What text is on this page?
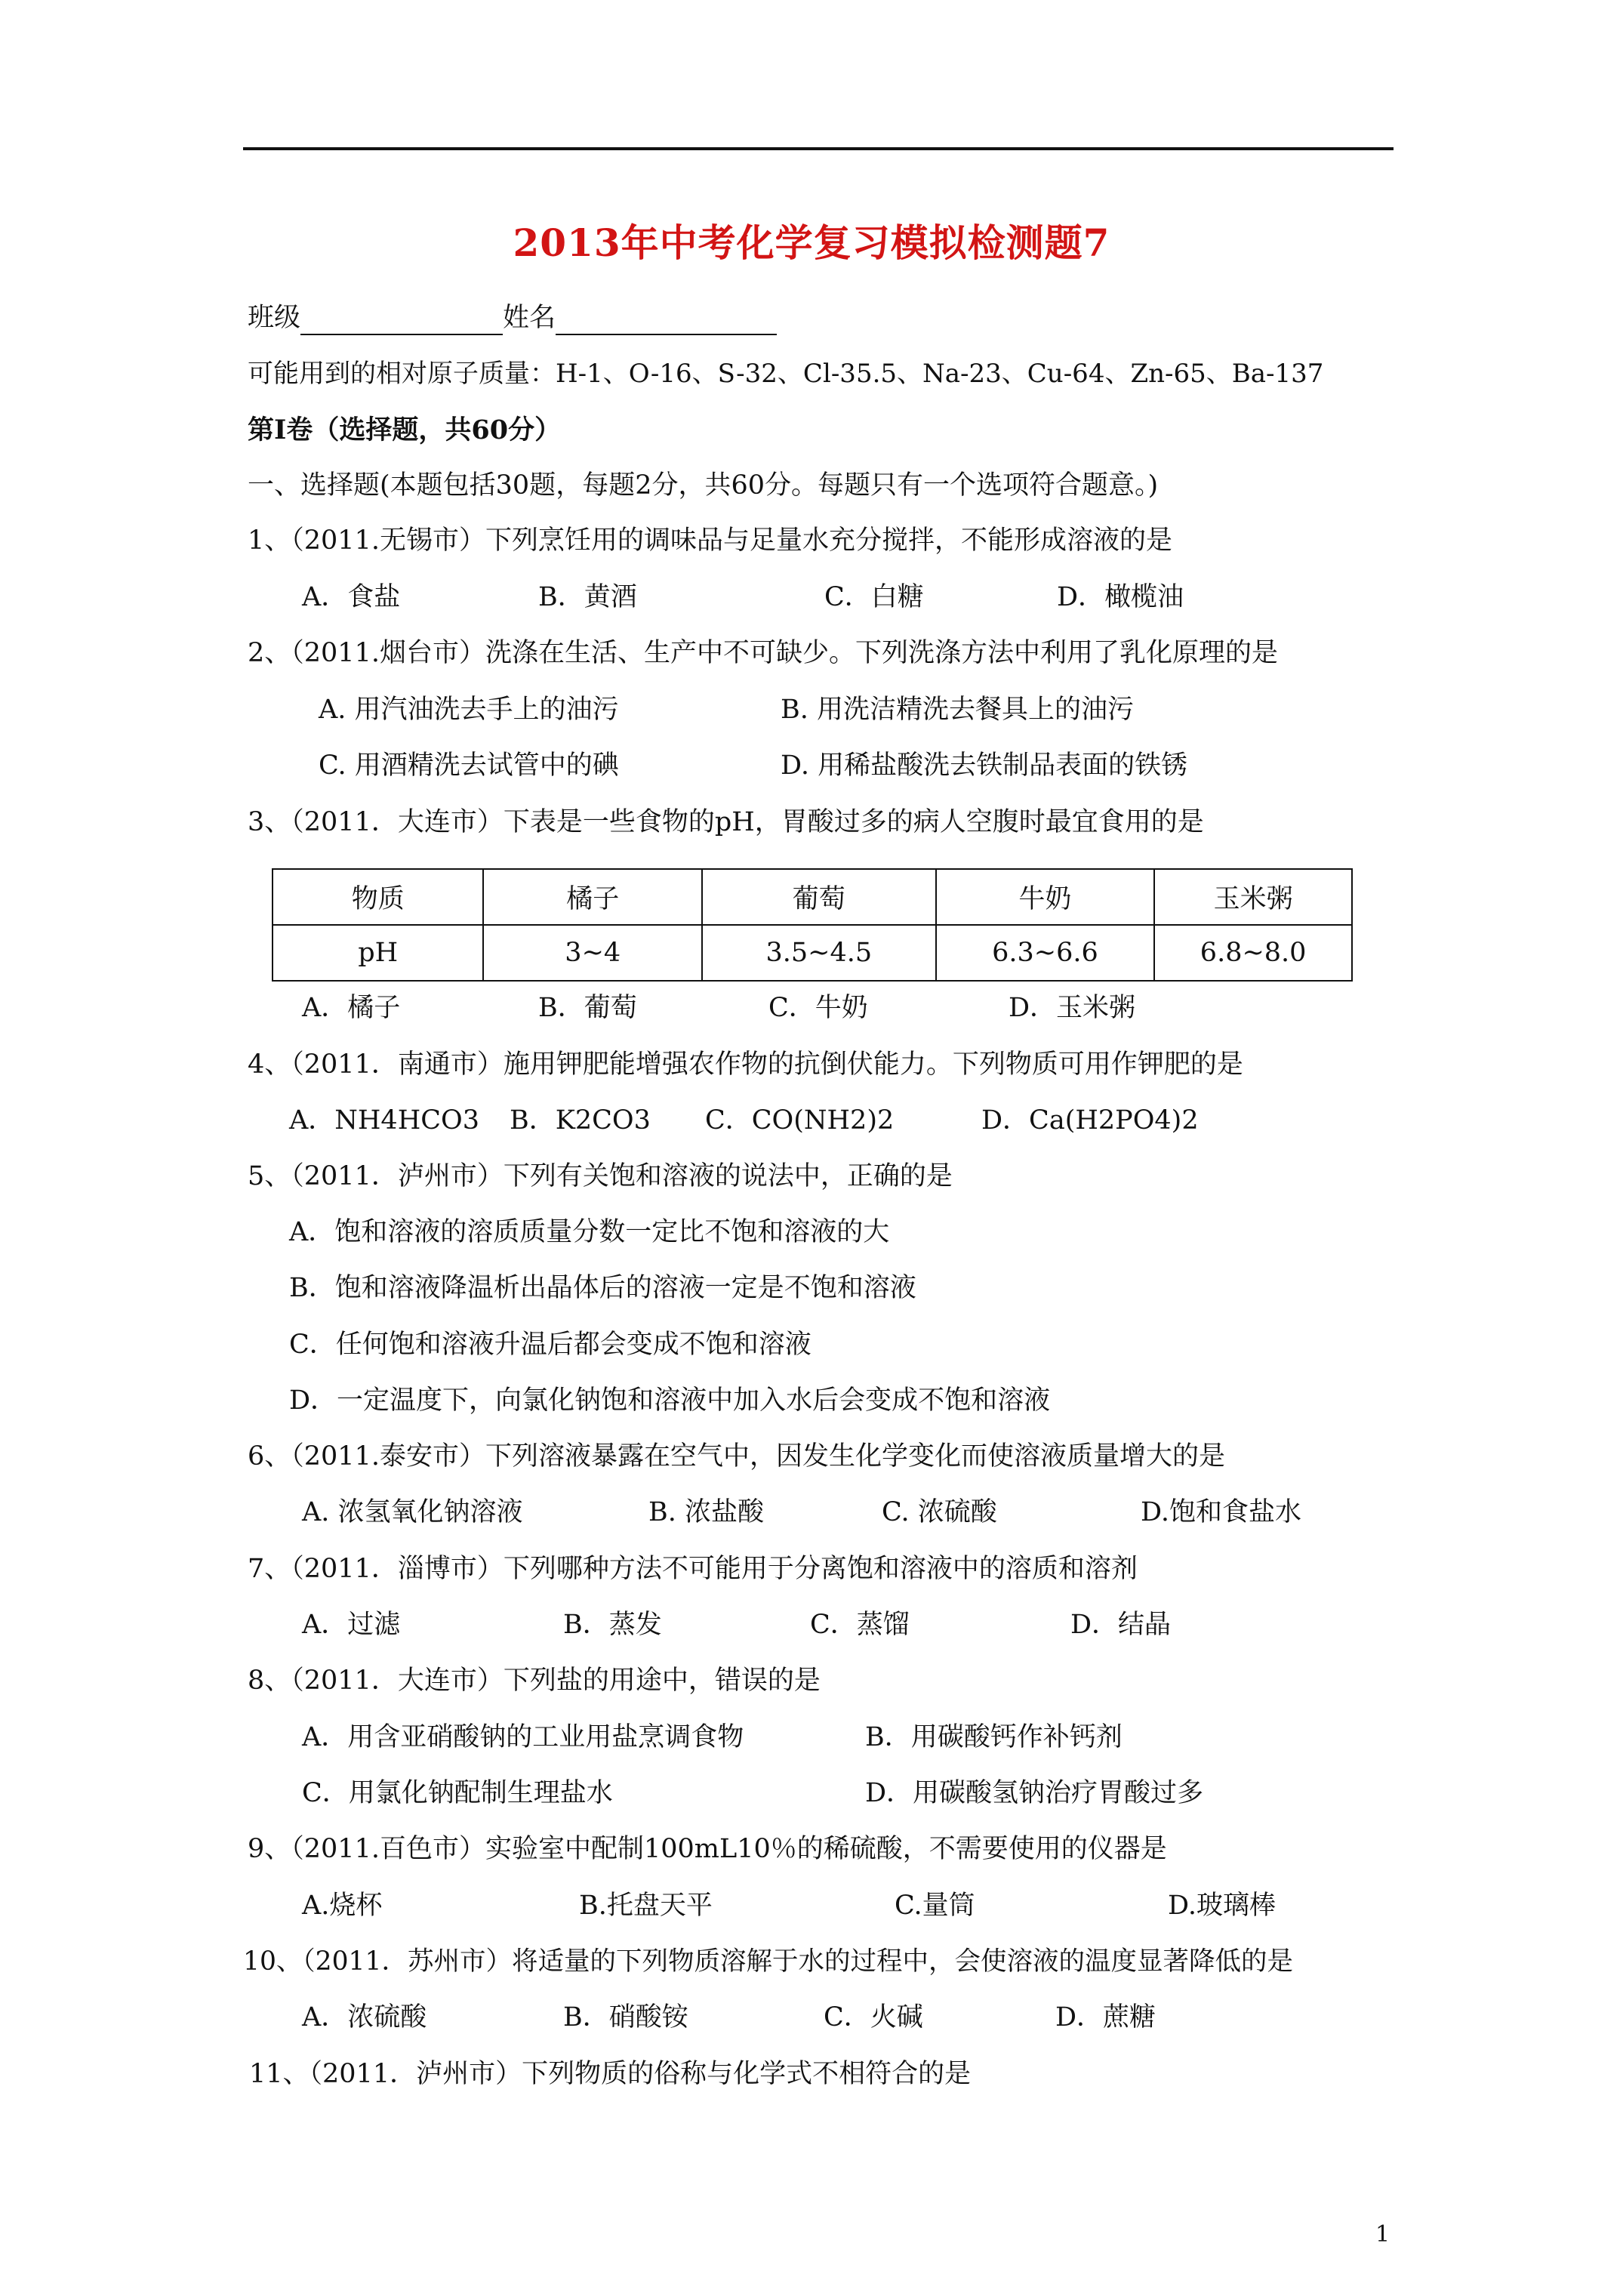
2013年中考化学复习模拟检测题7
班级	姓名
可能用到的相对原子质量：H-1、O-16、S-32、Cl-35.5、Na-23、Cu-64、Zn-65、Ba-137
第Ⅰ卷（选择题，共60分）
一、选择题(本题包括30题，每题2分，共60分。每题只有一个选项符合题意。)
1、（2011.无锡市）下列烹饪用的调味品与足量水充分搅拌，不能形成溶液的是
A．食盐	B．黄酒	C．白糖	D．橄榄油
2、（2011.烟台市）洗涤在生活、生产中不可缺少。下列洗涤方法中利用了乳化原理的是
A. 用汽油洗去手上的油污	B. 用洗洁精洗去餐具上的油污
C. 用酒精洗去试管中的碘	D. 用稀盐酸洗去铁制品表面的铁锈
3、（2011．大连市）下表是一些食物的pH，胃酸过多的病人空腹时最宜食用的是
物质	橘子	葡萄	牛奶	玉米粥
pH	3~4	3.5~4.5	6.3~6.6	6.8~8.0
A．橘子	B．葡萄	C．牛奶	D．玉米粥
4、（2011．南通市）施用钾肥能增强农作物的抗倒伏能力。下列物质可用作钾肥的是
A．NH4HCO3 B．K2CO3 C．CO(NH2)2	D．Ca(H2PO4)2
5、（2011．泸州市）下列有关饱和溶液的说法中，正确的是
A．饱和溶液的溶质质量分数一定比不饱和溶液的大
B．饱和溶液降温析出晶体后的溶液一定是不饱和溶液
C．任何饱和溶液升温后都会变成不饱和溶液
D．一定温度下，向氯化钠饱和溶液中加入水后会变成不饱和溶液
6、（2011.泰安市）下列溶液暴露在空气中，因发生化学变化而使溶液质量增大的是
A. 浓氢氧化钠溶液	B. 浓盐酸	C. 浓硫酸	D.饱和食盐水
7、（2011．淄博市）下列哪种方法不可能用于分离饱和溶液中的溶质和溶剂
A．过滤	B．蒸发	C．蒸馏	D．结晶
8、（2011．大连市）下列盐的用途中，错误的是
A．用含亚硝酸钠的工业用盐烹调食物	B．用碳酸钙作补钙剂
C．用氯化钠配制生理盐水	D．用碳酸氢钠治疗胃酸过多
9、（2011.百色市）实验室中配制100mL10％的稀硫酸，不需要使用的仪器是
A.烧杯	B.托盘天平	C.量筒	D.玻璃棒
10、（2011．苏州市）将适量的下列物质溶解于水的过程中，会使溶液的温度显著降低的是
A．浓硫酸	B．硝酸铵	C．火碱	D．蔗糖
11、（2011．泸州市）下列物质的俗称与化学式不相符合的是
1
